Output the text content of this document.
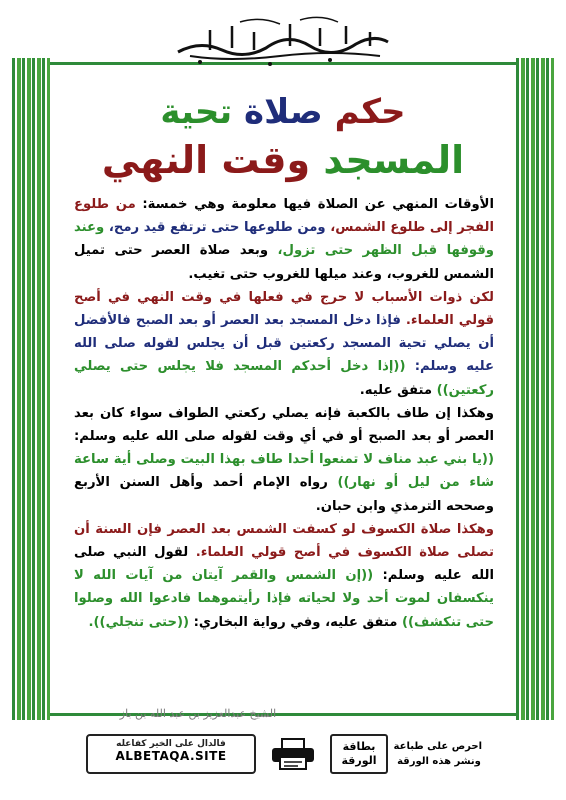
حكم صلاة تحية
المسجد وقت النهي

الأوقات المنهي عن الصلاة فيها معلومة وهي خمسة: من طلوع الفجر إلى طلوع الشمس، ومن طلوعها حتى ترتفع قيد رمح، وعند وقوفها قبل الظهر حتى تزول، وبعد صلاة العصر حتى تميل الشمس للغروب، وعند ميلها للغروب حتى تغيب.

لكن ذوات الأسباب لا حرج في فعلها في وقت النهي في أصح قولي العلماء. فإذا دخل المسجد بعد العصر أو بعد الصبح فالأفضل أن يصلي تحية المسجد ركعتين قبل أن يجلس لقوله صلى الله عليه وسلم: ((إذا دخل أحدكم المسجد فلا يجلس حتى يصلي ركعتين)) متفق عليه.

وهكذا إن طاف بالكعبة فإنه يصلي ركعتي الطواف سواء كان بعد العصر أو بعد الصبح أو في أي وقت لقوله صلى الله عليه وسلم: ((يا بني عبد مناف لا تمنعوا أحدا طاف بهذا البيت وصلى أية ساعة شاء من ليل أو نهار)) رواه الإمام أحمد وأهل السنن الأربع وصححه الترمذي وابن حبان.

وهكذا صلاة الكسوف لو كسفت الشمس بعد العصر فإن السنة أن تصلى صلاة الكسوف في أصح قولي العلماء. لقول النبي صلى الله عليه وسلم: ((إن الشمس والقمر آيتان من آيات الله لا ينكسفان لموت أحد ولا لحياته فإذا رأيتموهما فادعوا الله وصلوا حتى تنكشف)) متفق عليه، وفي رواية البخاري: ((حتى تنجلي)).

الشيخ عبدالعزيز بن عبد الله بن باز
فالدال على الخير كفاعله
ALBETAQA.SITE
بطاقة
الورقة
احرص على طباعة
ونشر هذه الورقة
